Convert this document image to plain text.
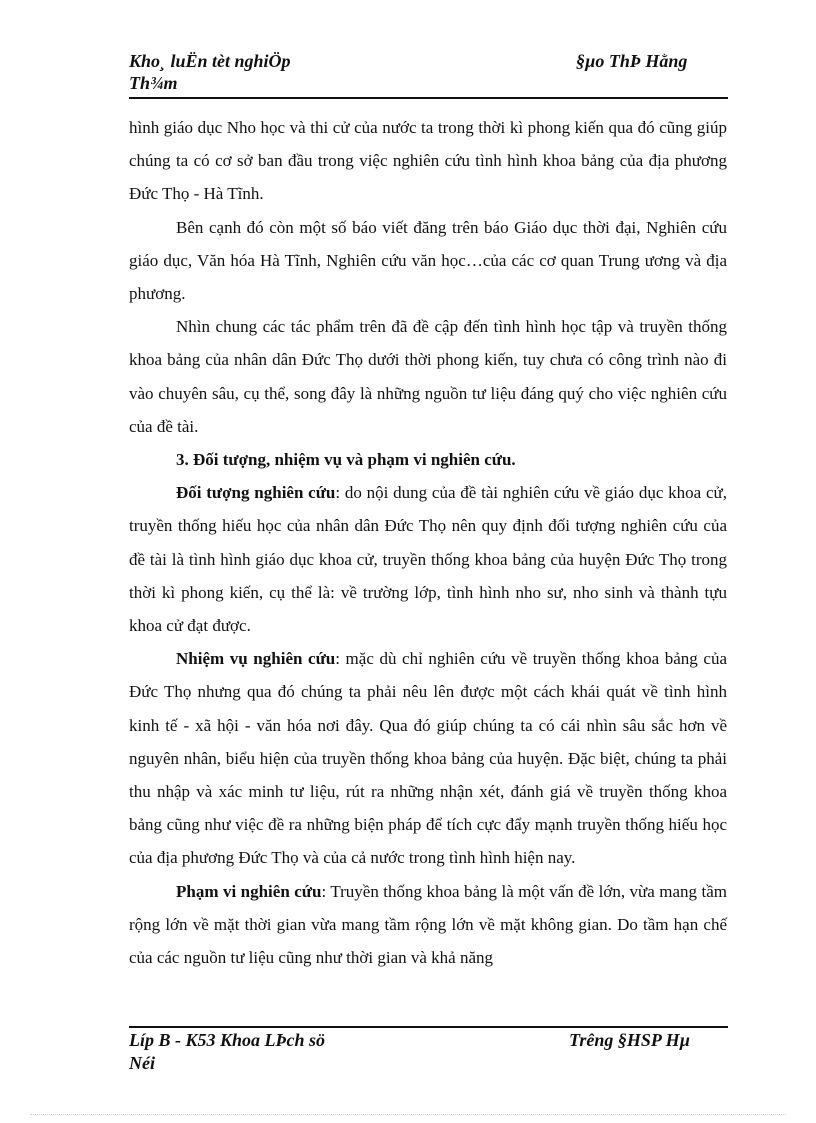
Kho¸ luËn tèt nghiÖp
Th¾m
§µo ThÞ Hằng

hình giáo dục Nho học và thi cử của nước ta trong thời kì phong kiến qua đó cũng giúp chúng ta có cơ sở ban đầu trong việc nghiên cứu tình hình khoa bảng của địa phương Đức Thọ - Hà Tĩnh.

Bên cạnh đó còn một số báo viết đăng trên báo Giáo dục thời đại, Nghiên cứu giáo dục, Văn hóa Hà Tĩnh, Nghiên cứu văn học…của các cơ quan Trung ương và địa phương.

Nhìn chung các tác phẩm trên đã đề cập đến tình hình học tập và truyền thống khoa bảng của nhân dân Đức Thọ dưới thời phong kiến, tuy chưa có công trình nào đi vào chuyên sâu, cụ thể, song đây là những nguồn tư liệu đáng quý cho việc nghiên cứu của đề tài.

3. Đối tượng, nhiệm vụ và phạm vi nghiên cứu.

Đối tượng nghiên cứu: do nội dung của đề tài nghiên cứu về giáo dục khoa cử, truyền thống hiếu học của nhân dân Đức Thọ nên quy định đối tượng nghiên cứu của đề tài là tình hình giáo dục khoa cử, truyền thống khoa bảng của huyện Đức Thọ trong thời kì phong kiến, cụ thể là: về trường lớp, tình hình nho sư, nho sinh và thành tựu khoa cử đạt được.

Nhiệm vụ nghiên cứu: mặc dù chỉ nghiên cứu về truyền thống khoa bảng của Đức Thọ nhưng qua đó chúng ta phải nêu lên được một cách khái quát về tình hình kinh tế - xã hội - văn hóa nơi đây. Qua đó giúp chúng ta có cái nhìn sâu sắc hơn về nguyên nhân, biểu hiện của truyền thống khoa bảng của huyện. Đặc biệt, chúng ta phải thu nhập và xác minh tư liệu, rút ra những nhận xét, đánh giá về truyền thống khoa bảng cũng như việc đề ra những biện pháp để tích cực đẩy mạnh truyền thống hiếu học của địa phương Đức Thọ và của cả nước trong tình hình hiện nay.

Phạm vi nghiên cứu: Truyền thống khoa bảng là một vấn đề lớn, vừa mang tầm rộng lớn về mặt thời gian vừa mang tầm rộng lớn về mặt không gian. Do tầm hạn chế của các nguồn tư liệu cũng như thời gian và khả năng

Líp B - K53 Khoa LÞch sö
Néi
Trêng §HSP Hµ
